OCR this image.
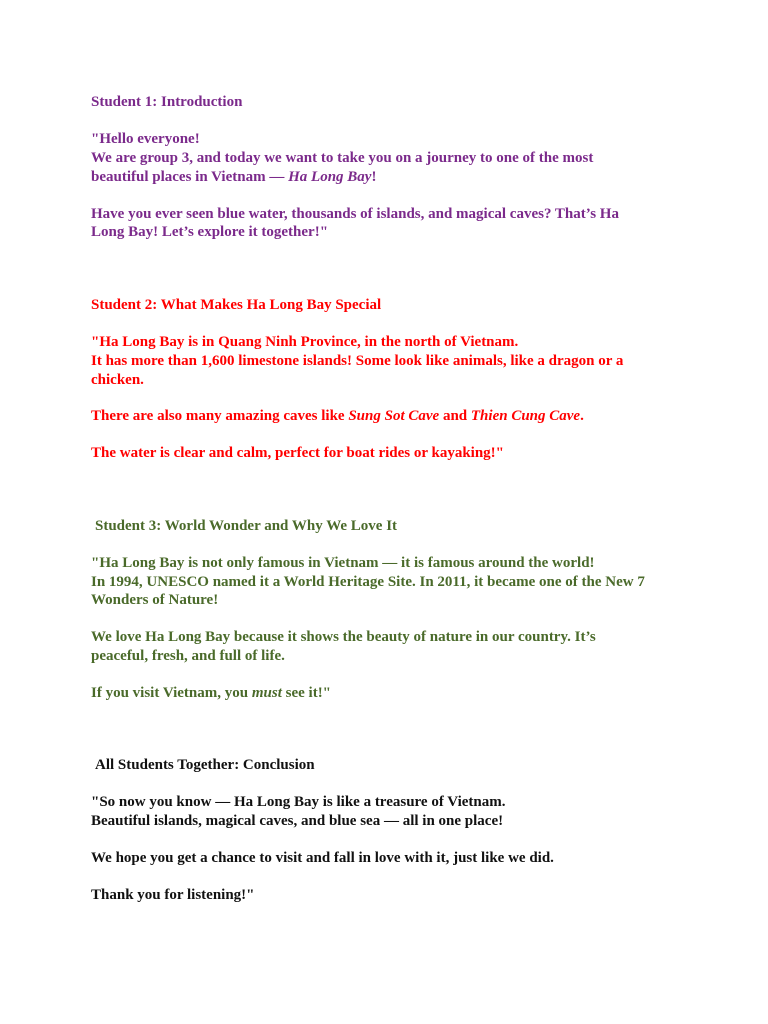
Student 1: Introduction
"Hello everyone!
We are group 3, and today we want to take you on a journey to one of the most
beautiful places in Vietnam — Ha Long Bay!
Have you ever seen blue water, thousands of islands, and magical caves? That’s Ha
Long Bay! Let’s explore it together!"
Student 2: What Makes Ha Long Bay Special
"Ha Long Bay is in Quang Ninh Province, in the north of Vietnam.
It has more than 1,600 limestone islands! Some look like animals, like a dragon or a
chicken.
There are also many amazing caves like Sung Sot Cave and Thien Cung Cave.
The water is clear and calm, perfect for boat rides or kayaking!"
Student 3: World Wonder and Why We Love It
"Ha Long Bay is not only famous in Vietnam — it is famous around the world!
In 1994, UNESCO named it a World Heritage Site. In 2011, it became one of the New 7
Wonders of Nature!
We love Ha Long Bay because it shows the beauty of nature in our country. It’s
peaceful, fresh, and full of life.
If you visit Vietnam, you must see it!"
All Students Together: Conclusion
"So now you know — Ha Long Bay is like a treasure of Vietnam.
Beautiful islands, magical caves, and blue sea — all in one place!
We hope you get a chance to visit and fall in love with it, just like we did.
Thank you for listening!"
